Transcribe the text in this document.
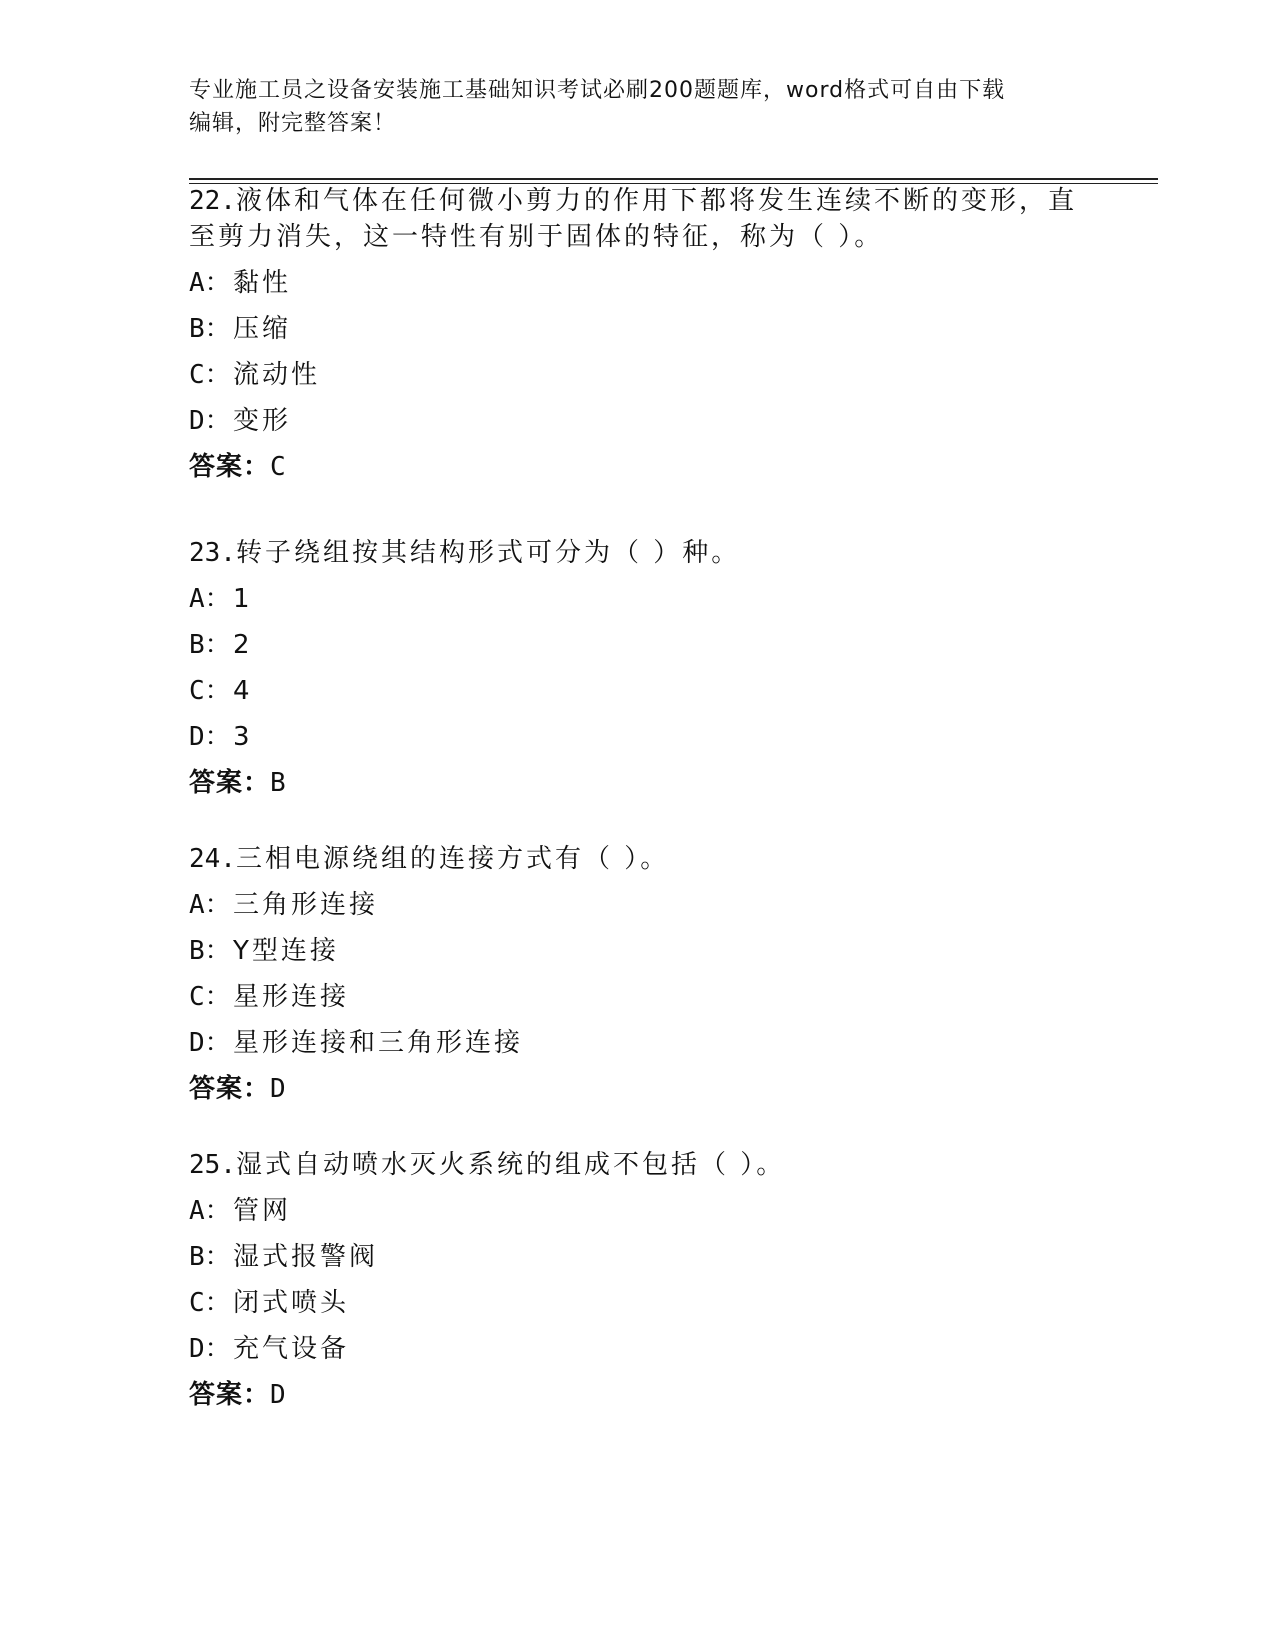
专业施工员之设备安装施工基础知识考试必刷200题题库，word格式可自由下载
编辑，附完整答案！
22.液体和气体在任何微小剪力的作用下都将发生连续不断的变形，直
至剪力消失，这一特性有别于固体的特征，称为（ ）。
A：黏性
B：压缩
C：流动性
D：变形
答案：C
23.转子绕组按其结构形式可分为（ ）种。
A：1
B：2
C：4
D：3
答案：B
24.三相电源绕组的连接方式有（ ）。
A：三角形连接
B：Y型连接
C：星形连接
D：星形连接和三角形连接
答案：D
25.湿式自动喷水灭火系统的组成不包括（ ）。
A：管网
B：湿式报警阀
C：闭式喷头
D：充气设备
答案：D
